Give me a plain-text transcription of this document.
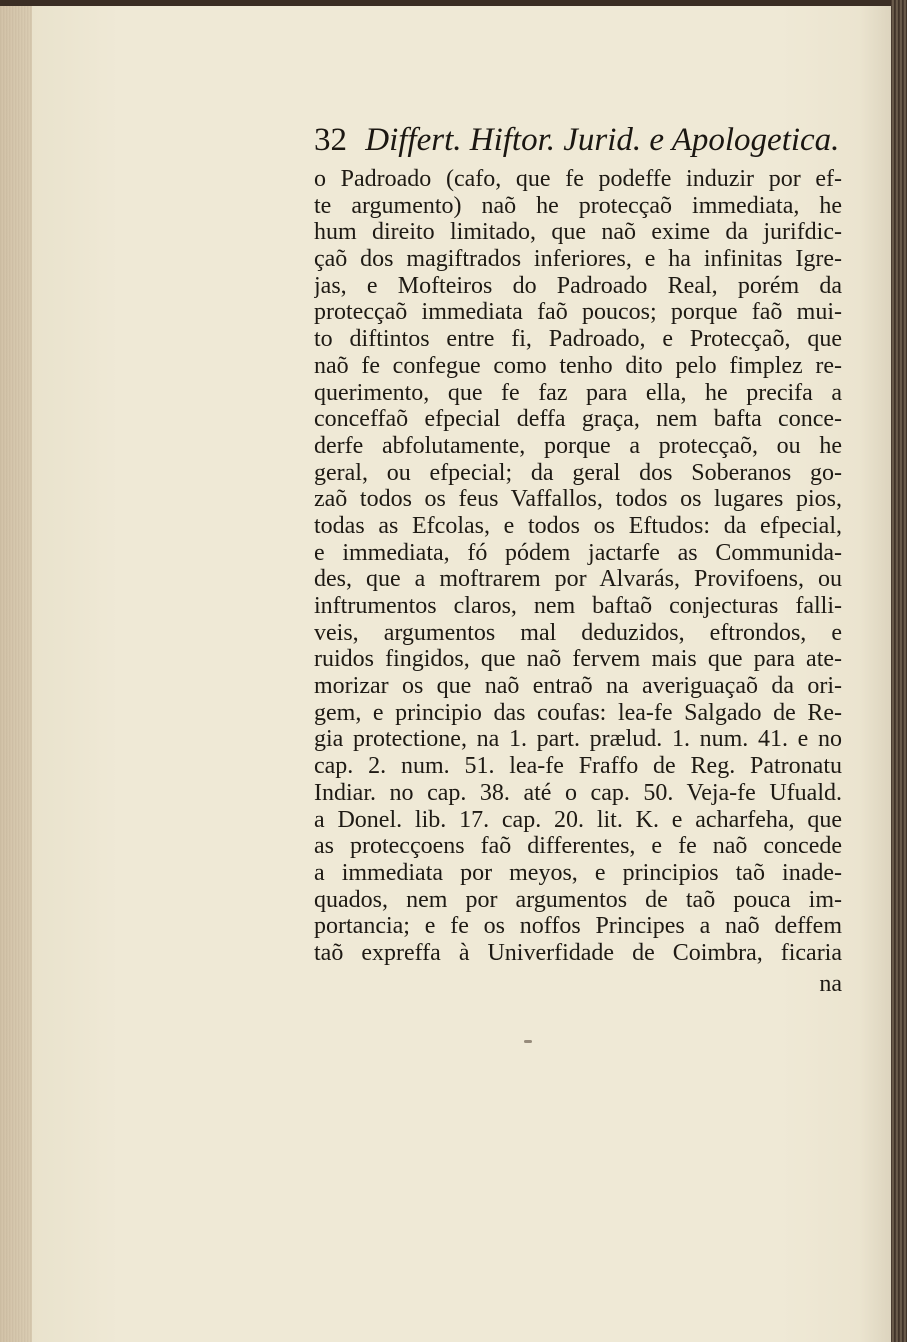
32 Differt. Hiftor. Jurid. e Apologetica.
o Padroado (cafo, que fe podeffe induzir por ef-
te argumento) naõ he protecçaõ immediata, he
hum direito limitado, que naõ exime da jurifdic-
çaõ dos magiftrados inferiores, e ha infinitas Igre-
jas, e Mofteiros do Padroado Real, porém da
protecçaõ immediata faõ poucos; porque faõ mui-
to diftintos entre fi, Padroado, e Protecçaõ, que
naõ fe confegue como tenho dito pelo fimplez re-
querimento, que fe faz para ella, he precifa a
conceffaõ efpecial deffa graça, nem bafta conce-
derfe abfolutamente, porque a protecçaõ, ou he
geral, ou efpecial; da geral dos Soberanos go-
zaõ todos os feus Vaffallos, todos os lugares pios,
todas as Efcolas, e todos os Eftudos: da efpecial,
e immediata, fó pódem jactarfe as Communida-
des, que a moftrarem por Alvarás, Provifoens, ou
inftrumentos claros, nem baftaõ conjecturas falli-
veis, argumentos mal deduzidos, eftrondos, e
ruidos fingidos, que naõ fervem mais que para ate-
morizar os que naõ entraõ na averiguaçaõ da ori-
gem, e principio das coufas: lea-fe Salgado de Re-
gia protectione, na 1. part. prælud. 1. num. 41. e no
cap. 2. num. 51. lea-fe Fraffo de Reg. Patronatu
Indiar. no cap. 38. até o cap. 50. Veja-fe Ufuald.
a Donel. lib. 17. cap. 20. lit. K. e acharfeha, que
as protecçoens faõ differentes, e fe naõ concede
a immediata por meyos, e principios taõ inade-
quados, nem por argumentos de taõ pouca im-
portancia; e fe os noffos Principes a naõ deffem
taõ expreffa à Univerfidade de Coimbra, ficaria
na
